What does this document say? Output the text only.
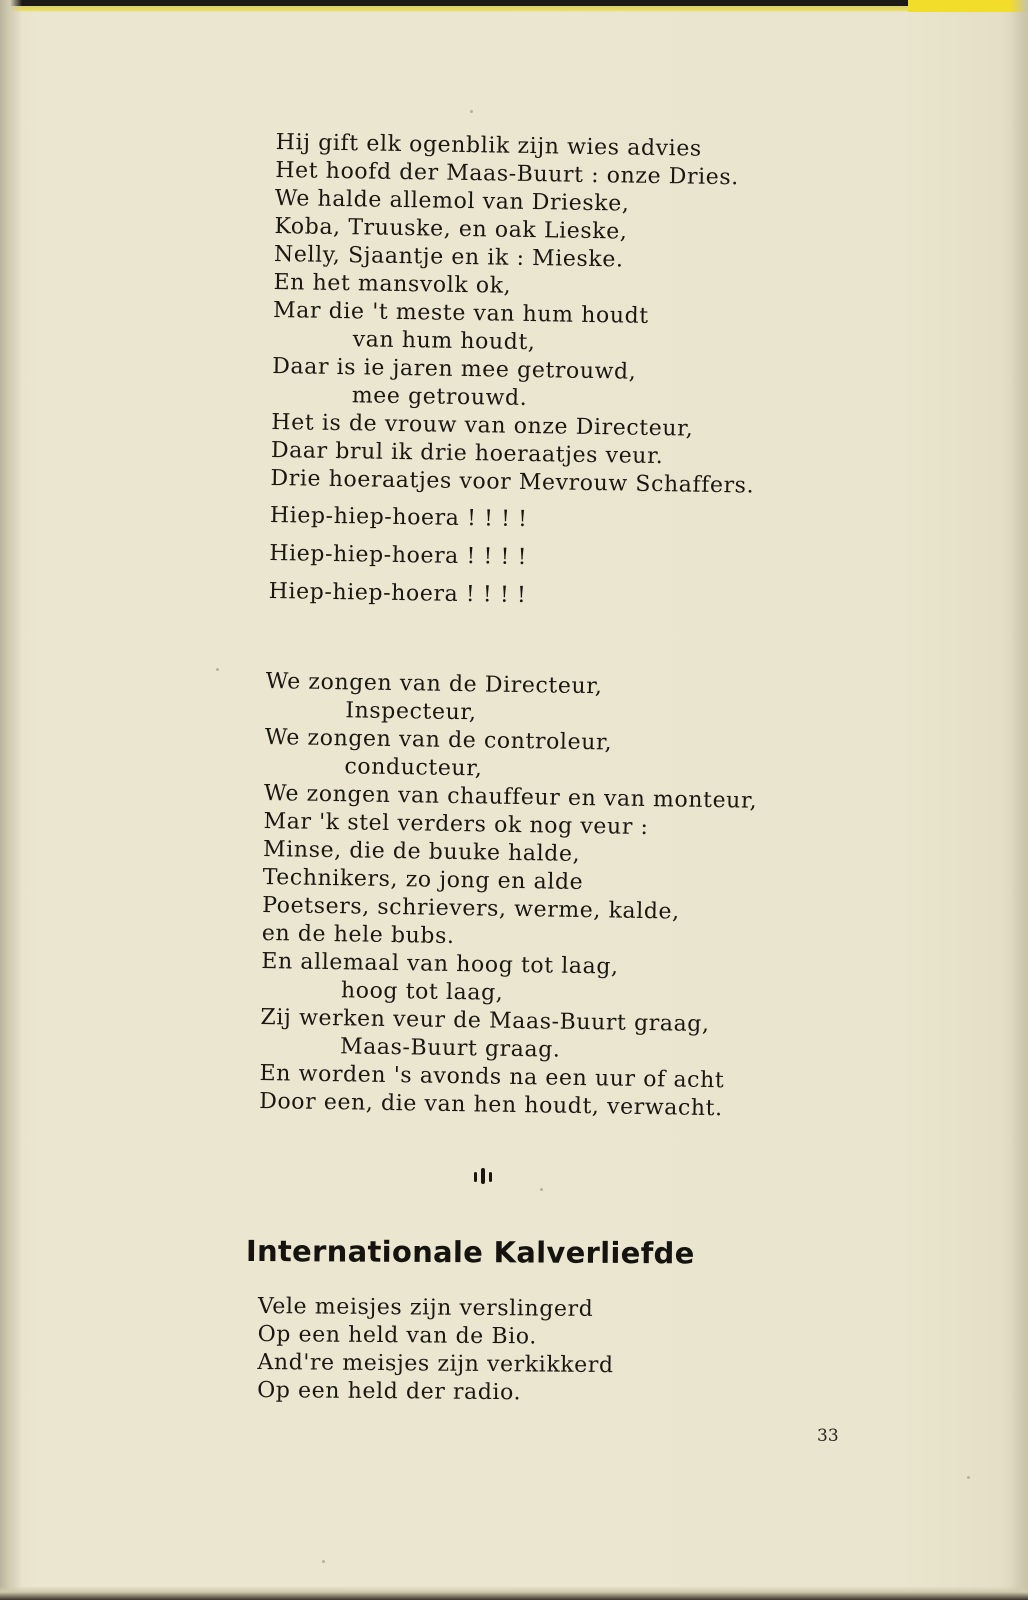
Hij gift elk ogenblik zijn wies advies
Het hoofd der Maas-Buurt : onze Dries.
We halde allemol van Drieske,
Koba, Truuske, en oak Lieske,
Nelly, Sjaantje en ik : Mieske.
En het mansvolk ok,
Mar die 't meste van hum houdt
van hum houdt,
Daar is ie jaren mee getrouwd,
mee getrouwd.
Het is de vrouw van onze Directeur,
Daar brul ik drie hoeraatjes veur.
Drie hoeraatjes voor Mevrouw Schaffers.
Hiep-hiep-hoera ! ! ! !
Hiep-hiep-hoera ! ! ! !
Hiep-hiep-hoera ! ! ! !
We zongen van de Directeur,
Inspecteur,
We zongen van de controleur,
conducteur,
We zongen van chauffeur en van monteur,
Mar 'k stel verders ok nog veur :
Minse, die de buuke halde,
Technikers, zo jong en alde
Poetsers, schrievers, werme, kalde,
en de hele bubs.
En allemaal van hoog tot laag,
hoog tot laag,
Zij werken veur de Maas-Buurt graag,
Maas-Buurt graag.
En worden 's avonds na een uur of acht
Door een, die van hen houdt, verwacht.
Internationale Kalverliefde
Vele meisjes zijn verslingerd
Op een held van de Bio.
And're meisjes zijn verkikkerd
Op een held der radio.
33
